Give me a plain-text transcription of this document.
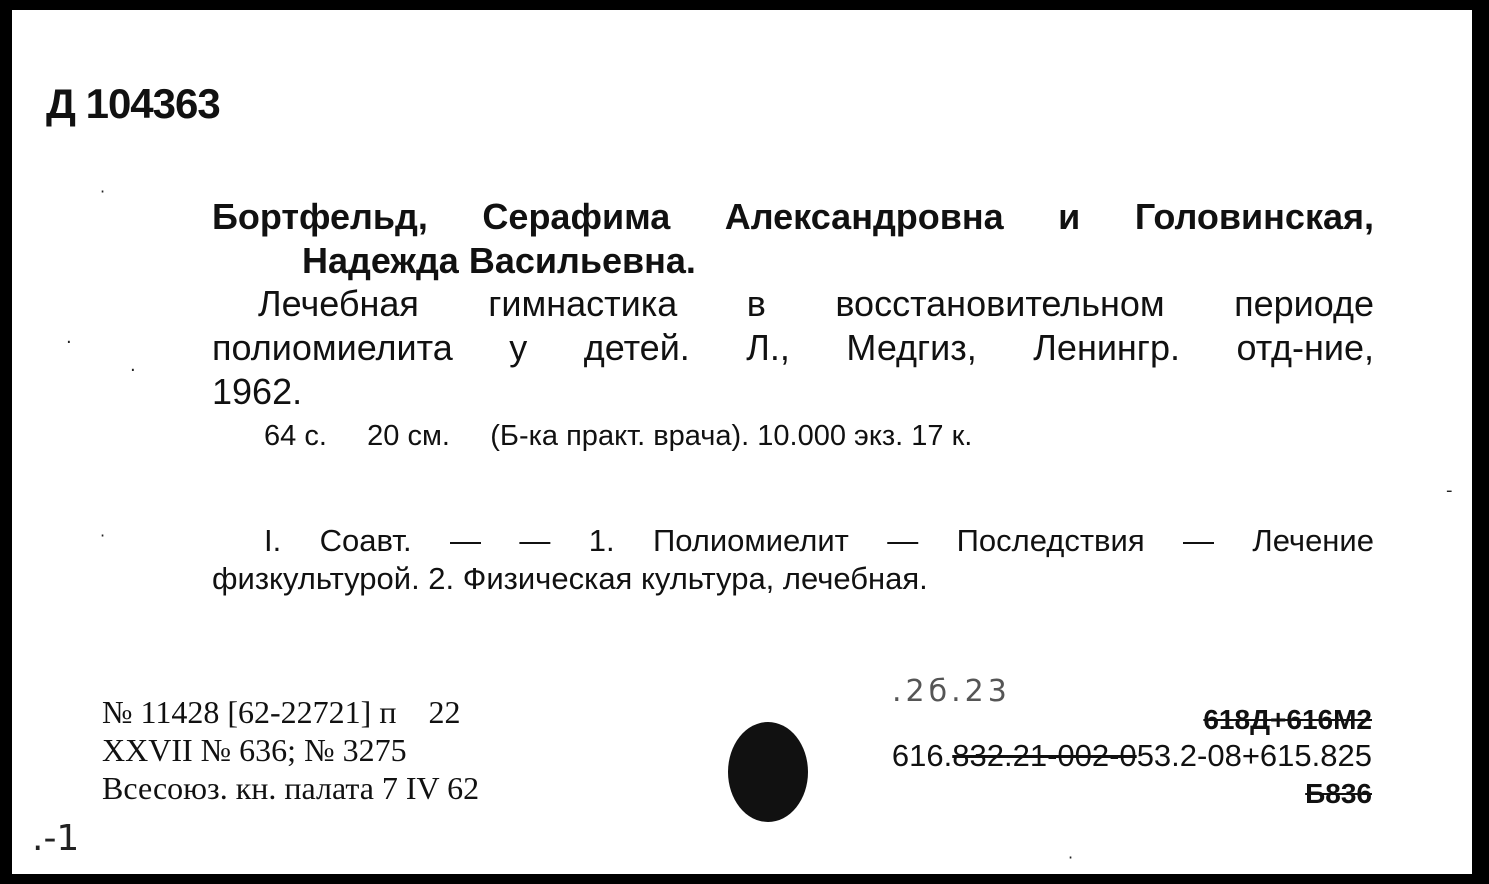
Д 104363
Бортфельд, Серафима Александровна и Головинская,
Надежда Васильевна.
Лечебная гимнастика в восстановительном периоде
полиомиелита у детей. Л., Медгиз, Ленингр. отд-ние,
1962.
64 с.     20 см.     (Б-ка практ. врача). 10.000 экз. 17 к.
I. Соавт. — — 1. Полиомиелит — Последствия — Лечение
физкультурой. 2. Физическая культура, лечебная.
№ 11428 [62-22721] п    22
XXVII № 636; № 3275
Всесоюз. кн. палата 7 IV 62
.2б.23
618Д+616М2
616.832.21-002-053.2-08+615.825
Б836
·
·
·
·
-
.-1	·
